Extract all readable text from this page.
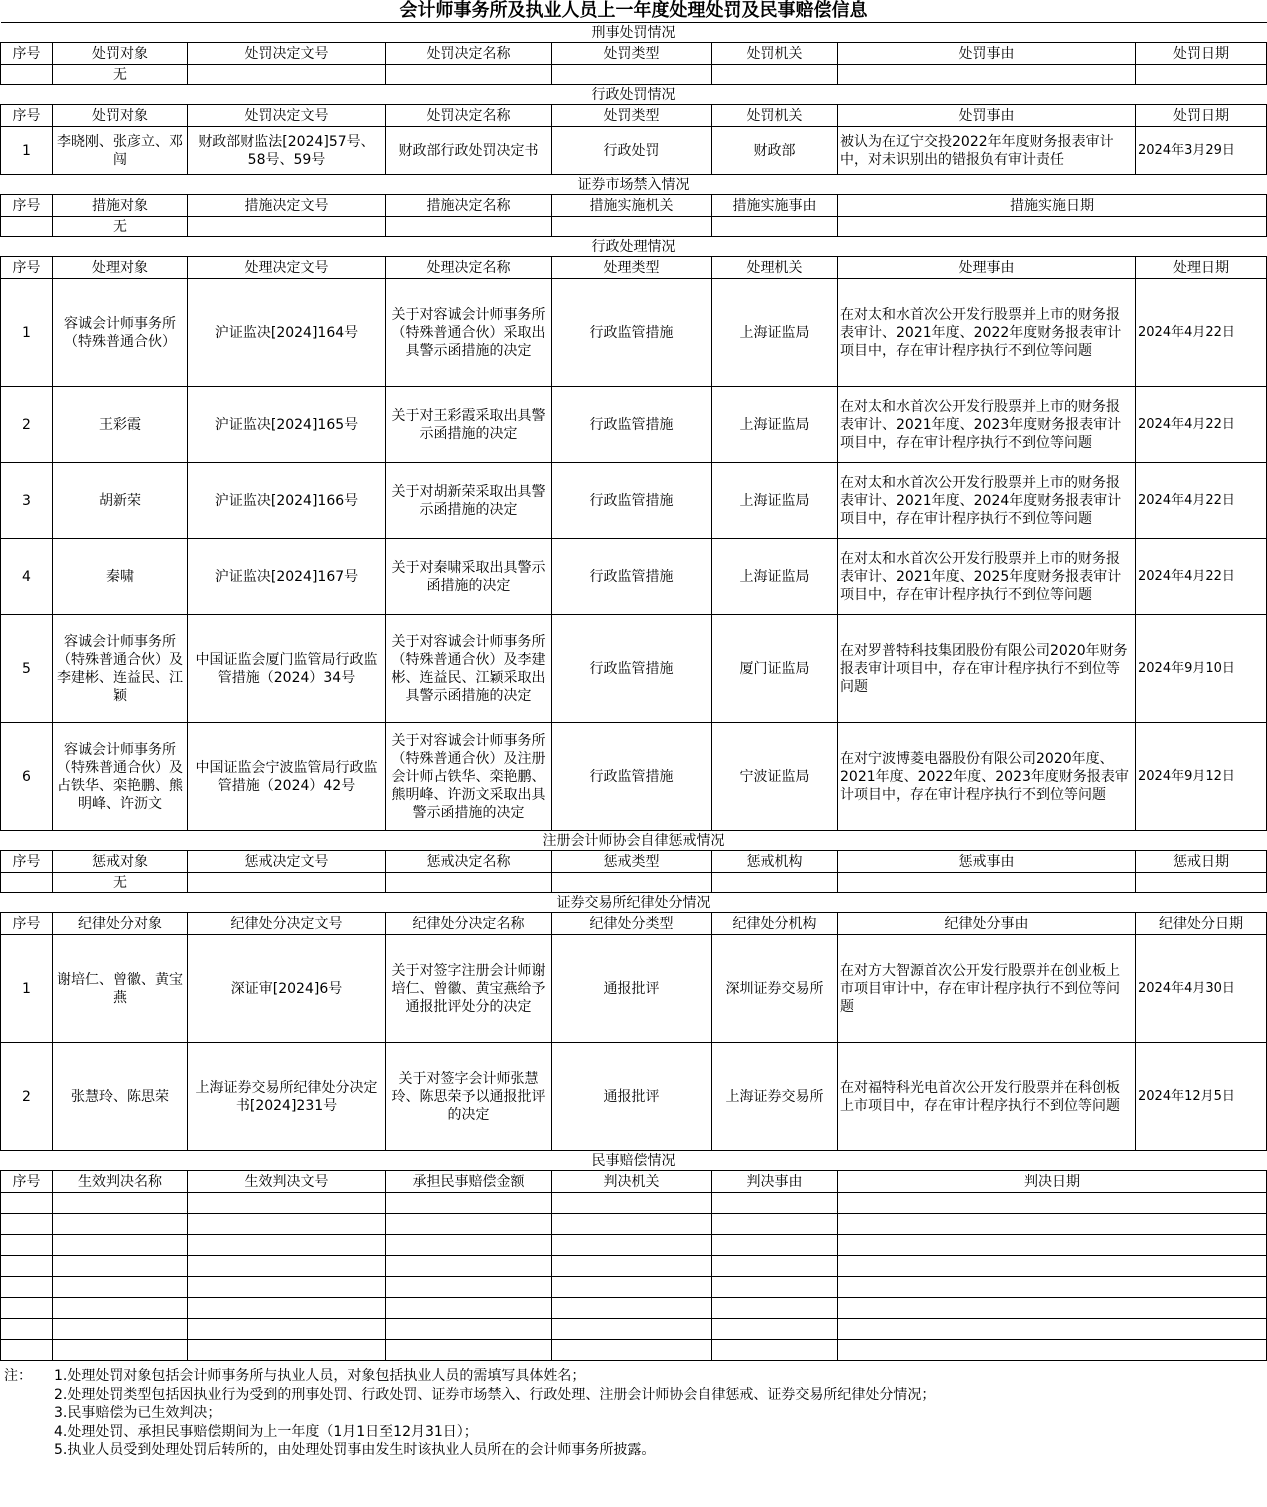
会计师事务所及执业人员上一年度处理处罚及民事赔偿信息
刑事处罚情况							
序号	处罚对象	处罚决定文号	处罚决定名称	处罚类型	处罚机关	处罚事由	处罚日期
	无						
行政处罚情况							
序号	处罚对象	处罚决定文号	处罚决定名称	处罚类型	处罚机关	处罚事由	处罚日期
1	李晓刚、张彦立、邓闯	财政部财监法[2024]57号、58号、59号	财政部行政处罚决定书	行政处罚	财政部	被认为在辽宁交投2022年年度财务报表审计中，对未识别出的错报负有审计责任	2024年3月29日
证券市场禁入情况							
序号	措施对象	措施决定文号	措施决定名称	措施实施机关	措施实施事由	措施实施日期	
	无						
行政处理情况							
序号	处理对象	处理决定文号	处理决定名称	处理类型	处理机关	处理事由	处理日期
1	容诚会计师事务所（特殊普通合伙）	沪证监决[2024]164号	关于对容诚会计师事务所（特殊普通合伙）采取出具警示函措施的决定	行政监管措施	上海证监局	在对太和水首次公开发行股票并上市的财务报表审计、2021年度、2022年度财务报表审计项目中，存在审计程序执行不到位等问题	2024年4月22日
2	王彩霞	沪证监决[2024]165号	关于对王彩霞采取出具警示函措施的决定	行政监管措施	上海证监局	在对太和水首次公开发行股票并上市的财务报表审计、2021年度、2023年度财务报表审计项目中，存在审计程序执行不到位等问题	2024年4月22日
3	胡新荣	沪证监决[2024]166号	关于对胡新荣采取出具警示函措施的决定	行政监管措施	上海证监局	在对太和水首次公开发行股票并上市的财务报表审计、2021年度、2024年度财务报表审计项目中，存在审计程序执行不到位等问题	2024年4月22日
4	秦啸	沪证监决[2024]167号	关于对秦啸采取出具警示函措施的决定	行政监管措施	上海证监局	在对太和水首次公开发行股票并上市的财务报表审计、2021年度、2025年度财务报表审计项目中，存在审计程序执行不到位等问题	2024年4月22日
5	容诚会计师事务所（特殊普通合伙）及李建彬、连益民、江颖	中国证监会厦门监管局行政监管措施（2024）34号	关于对容诚会计师事务所（特殊普通合伙）及李建彬、连益民、江颖采取出具警示函措施的决定	行政监管措施	厦门证监局	在对罗普特科技集团股份有限公司2020年财务报表审计项目中，存在审计程序执行不到位等问题	2024年9月10日
6	容诚会计师事务所（特殊普通合伙）及占铁华、栾艳鹏、熊明峰、许沥文	中国证监会宁波监管局行政监管措施（2024）42号	关于对容诚会计师事务所（特殊普通合伙）及注册会计师占铁华、栾艳鹏、熊明峰、许沥文采取出具警示函措施的决定	行政监管措施	宁波证监局	在对宁波博菱电器股份有限公司2020年度、2021年度、2022年度、2023年度财务报表审计项目中，存在审计程序执行不到位等问题	2024年9月12日
注册会计师协会自律惩戒情况							
序号	惩戒对象	惩戒决定文号	惩戒决定名称	惩戒类型	惩戒机构	惩戒事由	惩戒日期
	无						
证券交易所纪律处分情况							
序号	纪律处分对象	纪律处分决定文号	纪律处分决定名称	纪律处分类型	纪律处分机构	纪律处分事由	纪律处分日期
1	谢培仁、曾徽、黄宝燕	深证审[2024]6号	关于对签字注册会计师谢培仁、曾徽、黄宝燕给予通报批评处分的决定	通报批评	深圳证券交易所	在对方大智源首次公开发行股票并在创业板上市项目审计中，存在审计程序执行不到位等问题	2024年4月30日
2	张慧玲、陈思荣	上海证券交易所纪律处分决定书[2024]231号	关于对签字会计师张慧玲、陈思荣予以通报批评的决定	通报批评	上海证券交易所	在对福特科光电首次公开发行股票并在科创板上市项目中，存在审计程序执行不到位等问题	2024年12月5日
民事赔偿情况							
序号	生效判决名称	生效判决文号	承担民事赔偿金额	判决机关	判决事由	判决日期	

注： 1.处理处罚对象包括会计师事务所与执业人员，对象包括执业人员的需填写具体姓名；
2.处理处罚类型包括因执业行为受到的刑事处罚、行政处罚、证券市场禁入、行政处理、注册会计师协会自律惩戒、证券交易所纪律处分情况；
3.民事赔偿为已生效判决；
4.处理处罚、承担民事赔偿期间为上一年度（1月1日至12月31日）；
5.执业人员受到处理处罚后转所的，由处理处罚事由发生时该执业人员所在的会计师事务所披露。
